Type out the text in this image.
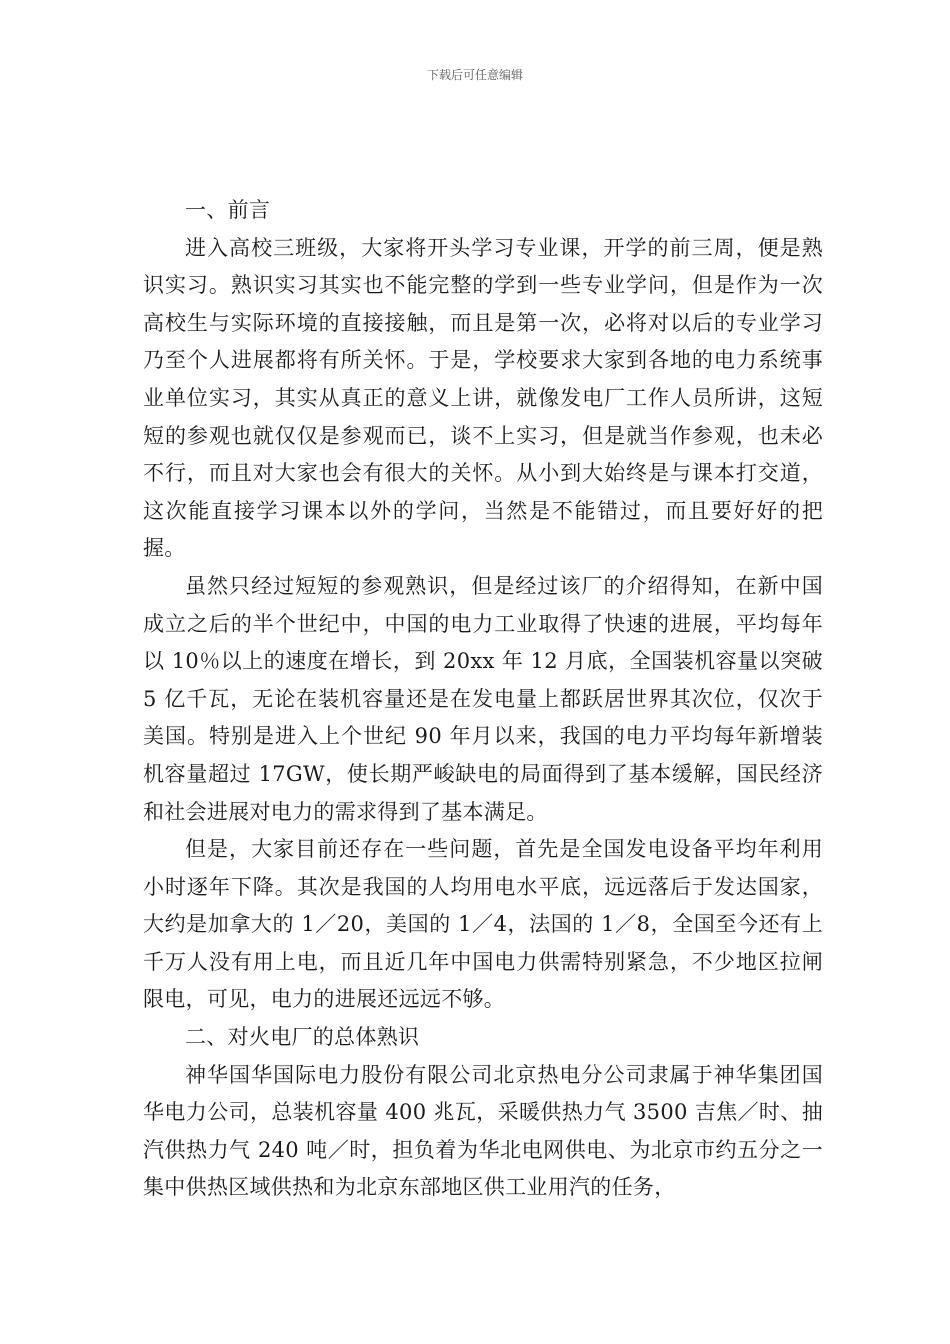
下载后可任意编辑
一、前言

进入高校三班级，大家将开头学习专业课，开学的前三周，便是熟识实习。熟识实习其实也不能完整的学到一些专业学问，但是作为一次高校生与实际环境的直接接触，而且是第一次，必将对以后的专业学习乃至个人进展都将有所关怀。于是，学校要求大家到各地的电力系统事业单位实习，其实从真正的意义上讲，就像发电厂工作人员所讲，这短短的参观也就仅仅是参观而已，谈不上实习，但是就当作参观，也未必不行，而且对大家也会有很大的关怀。从小到大始终是与课本打交道，这次能直接学习课本以外的学问，当然是不能错过，而且要好好的把握。

虽然只经过短短的参观熟识，但是经过该厂的介绍得知，在新中国成立之后的半个世纪中，中国的电力工业取得了快速的进展，平均每年以 10％以上的速度在增长，到 20xx 年 12 月底，全国装机容量以突破 5 亿千瓦，无论在装机容量还是在发电量上都跃居世界其次位，仅次于美国。特别是进入上个世纪 90 年月以来，我国的电力平均每年新增装机容量超过 17GW，使长期严峻缺电的局面得到了基本缓解，国民经济和社会进展对电力的需求得到了基本满足。

但是，大家目前还存在一些问题，首先是全国发电设备平均年利用小时逐年下降。其次是我国的人均用电水平底，远远落后于发达国家，大约是加拿大的 1／20，美国的 1／4，法国的 1／8，全国至今还有上千万人没有用上电，而且近几年中国电力供需特别紧急，不少地区拉闸限电，可见，电力的进展还远远不够。

二、对火电厂的总体熟识

神华国华国际电力股份有限公司北京热电分公司隶属于神华集团国华电力公司，总装机容量 400 兆瓦，采暖供热力气 3500 吉焦／时、抽汽供热力气 240 吨／时，担负着为华北电网供电、为北京市约五分之一集中供热区域供热和为北京东部地区供工业用汽的任务，
